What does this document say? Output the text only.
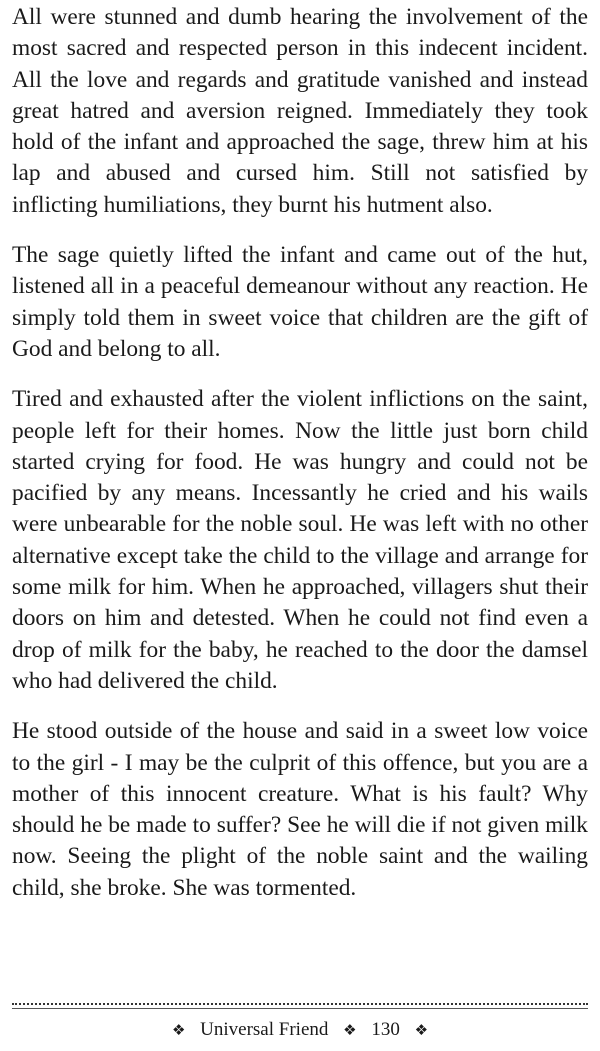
All were stunned and dumb hearing the involvement of the most sacred and respected person in this indecent incident. All the love and regards and gratitude vanished and instead great hatred and aversion reigned. Immediately they took hold of the infant and approached the sage, threw him at his lap and abused and cursed him. Still not satisfied by inflicting humiliations, they burnt his hutment also.

The sage quietly lifted the infant and came out of the hut, listened all in a peaceful demeanour without any reaction. He simply told them in sweet voice that children are the gift of God and belong to all.

Tired and exhausted after the violent inflictions on the saint, people left for their homes. Now the little just born child started crying for food. He was hungry and could not be pacified by any means. Incessantly he cried and his wails were unbearable for the noble soul. He was left with no other alternative except take the child to the village and arrange for some milk for him. When he approached, villagers shut their doors on him and detested. When he could not find even a drop of milk for the baby, he reached to the door the damsel who had delivered the child.

He stood outside of the house and said in a sweet low voice to the girl - I may be the culprit of this offence, but you are a mother of this innocent creature. What is his fault? Why should he be made to suffer? See he will die if not given milk now. Seeing the plight of the noble saint and the wailing child, she broke. She was tormented.

❖ Universal Friend ❖ 130 ❖
